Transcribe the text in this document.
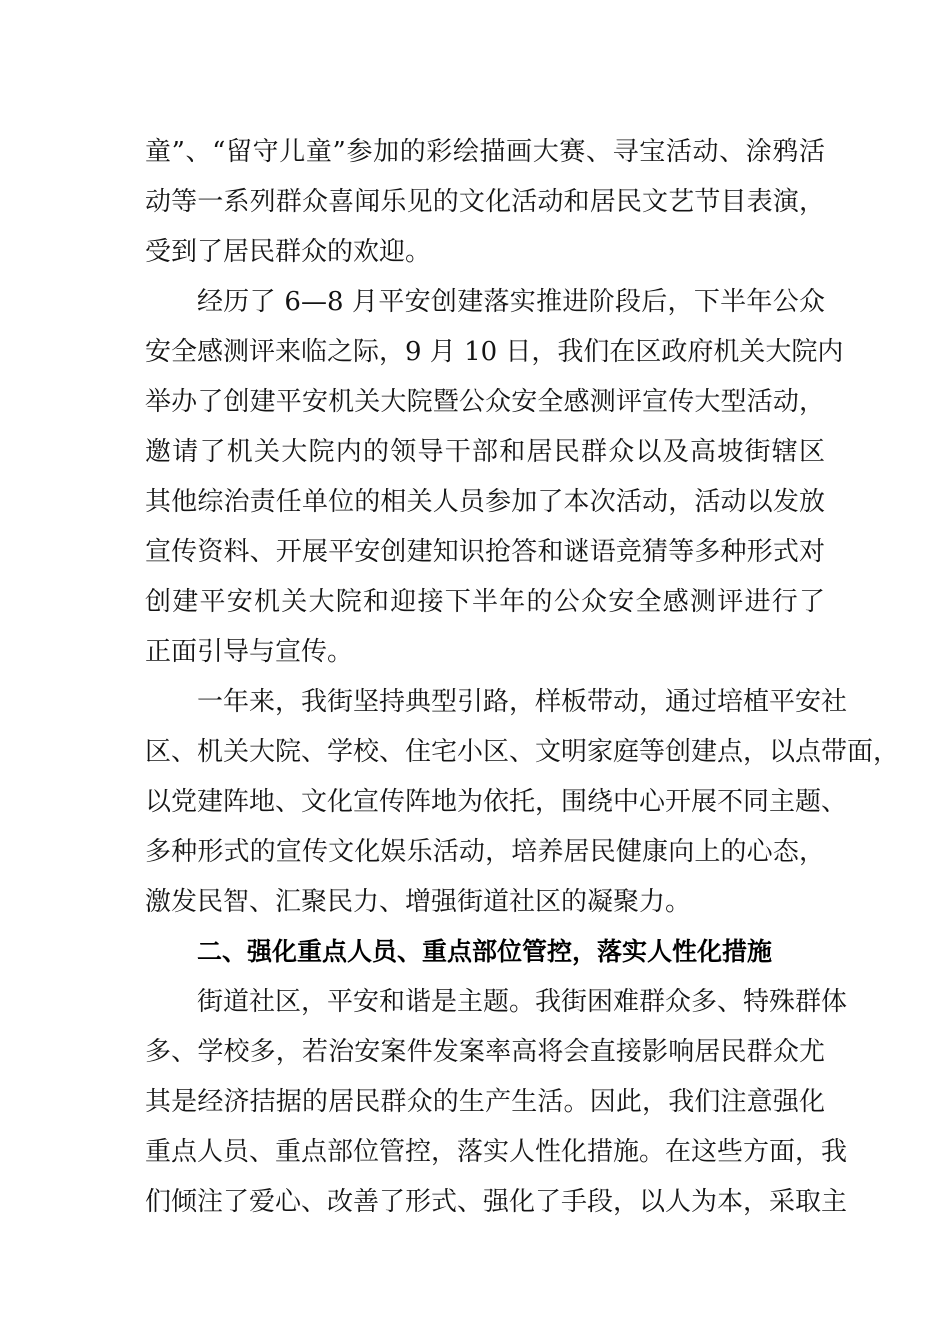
童”、“留守儿童”参加的彩绘描画大赛、寻宝活动、涂鸦活
动等一系列群众喜闻乐见的文化活动和居民文艺节目表演，
受到了居民群众的欢迎。
经历了 6—8 月平安创建落实推进阶段后，下半年公众
安全感测评来临之际，9 月 10 日，我们在区政府机关大院内
举办了创建平安机关大院暨公众安全感测评宣传大型活动，
邀请了机关大院内的领导干部和居民群众以及高坡街辖区
其他综治责任单位的相关人员参加了本次活动，活动以发放
宣传资料、开展平安创建知识抢答和谜语竞猜等多种形式对
创建平安机关大院和迎接下半年的公众安全感测评进行了
正面引导与宣传。
一年来，我街坚持典型引路，样板带动，通过培植平安社
区、机关大院、学校、住宅小区、文明家庭等创建点，以点带面，
以党建阵地、文化宣传阵地为依托，围绕中心开展不同主题、
多种形式的宣传文化娱乐活动，培养居民健康向上的心态，
激发民智、汇聚民力、增强街道社区的凝聚力。
二、强化重点人员、重点部位管控，落实人性化措施
街道社区，平安和谐是主题。我街困难群众多、特殊群体
多、学校多，若治安案件发案率高将会直接影响居民群众尤
其是经济拮据的居民群众的生产生活。因此，我们注意强化
重点人员、重点部位管控，落实人性化措施。在这些方面，我
们倾注了爱心、改善了形式、强化了手段，以人为本，采取主
